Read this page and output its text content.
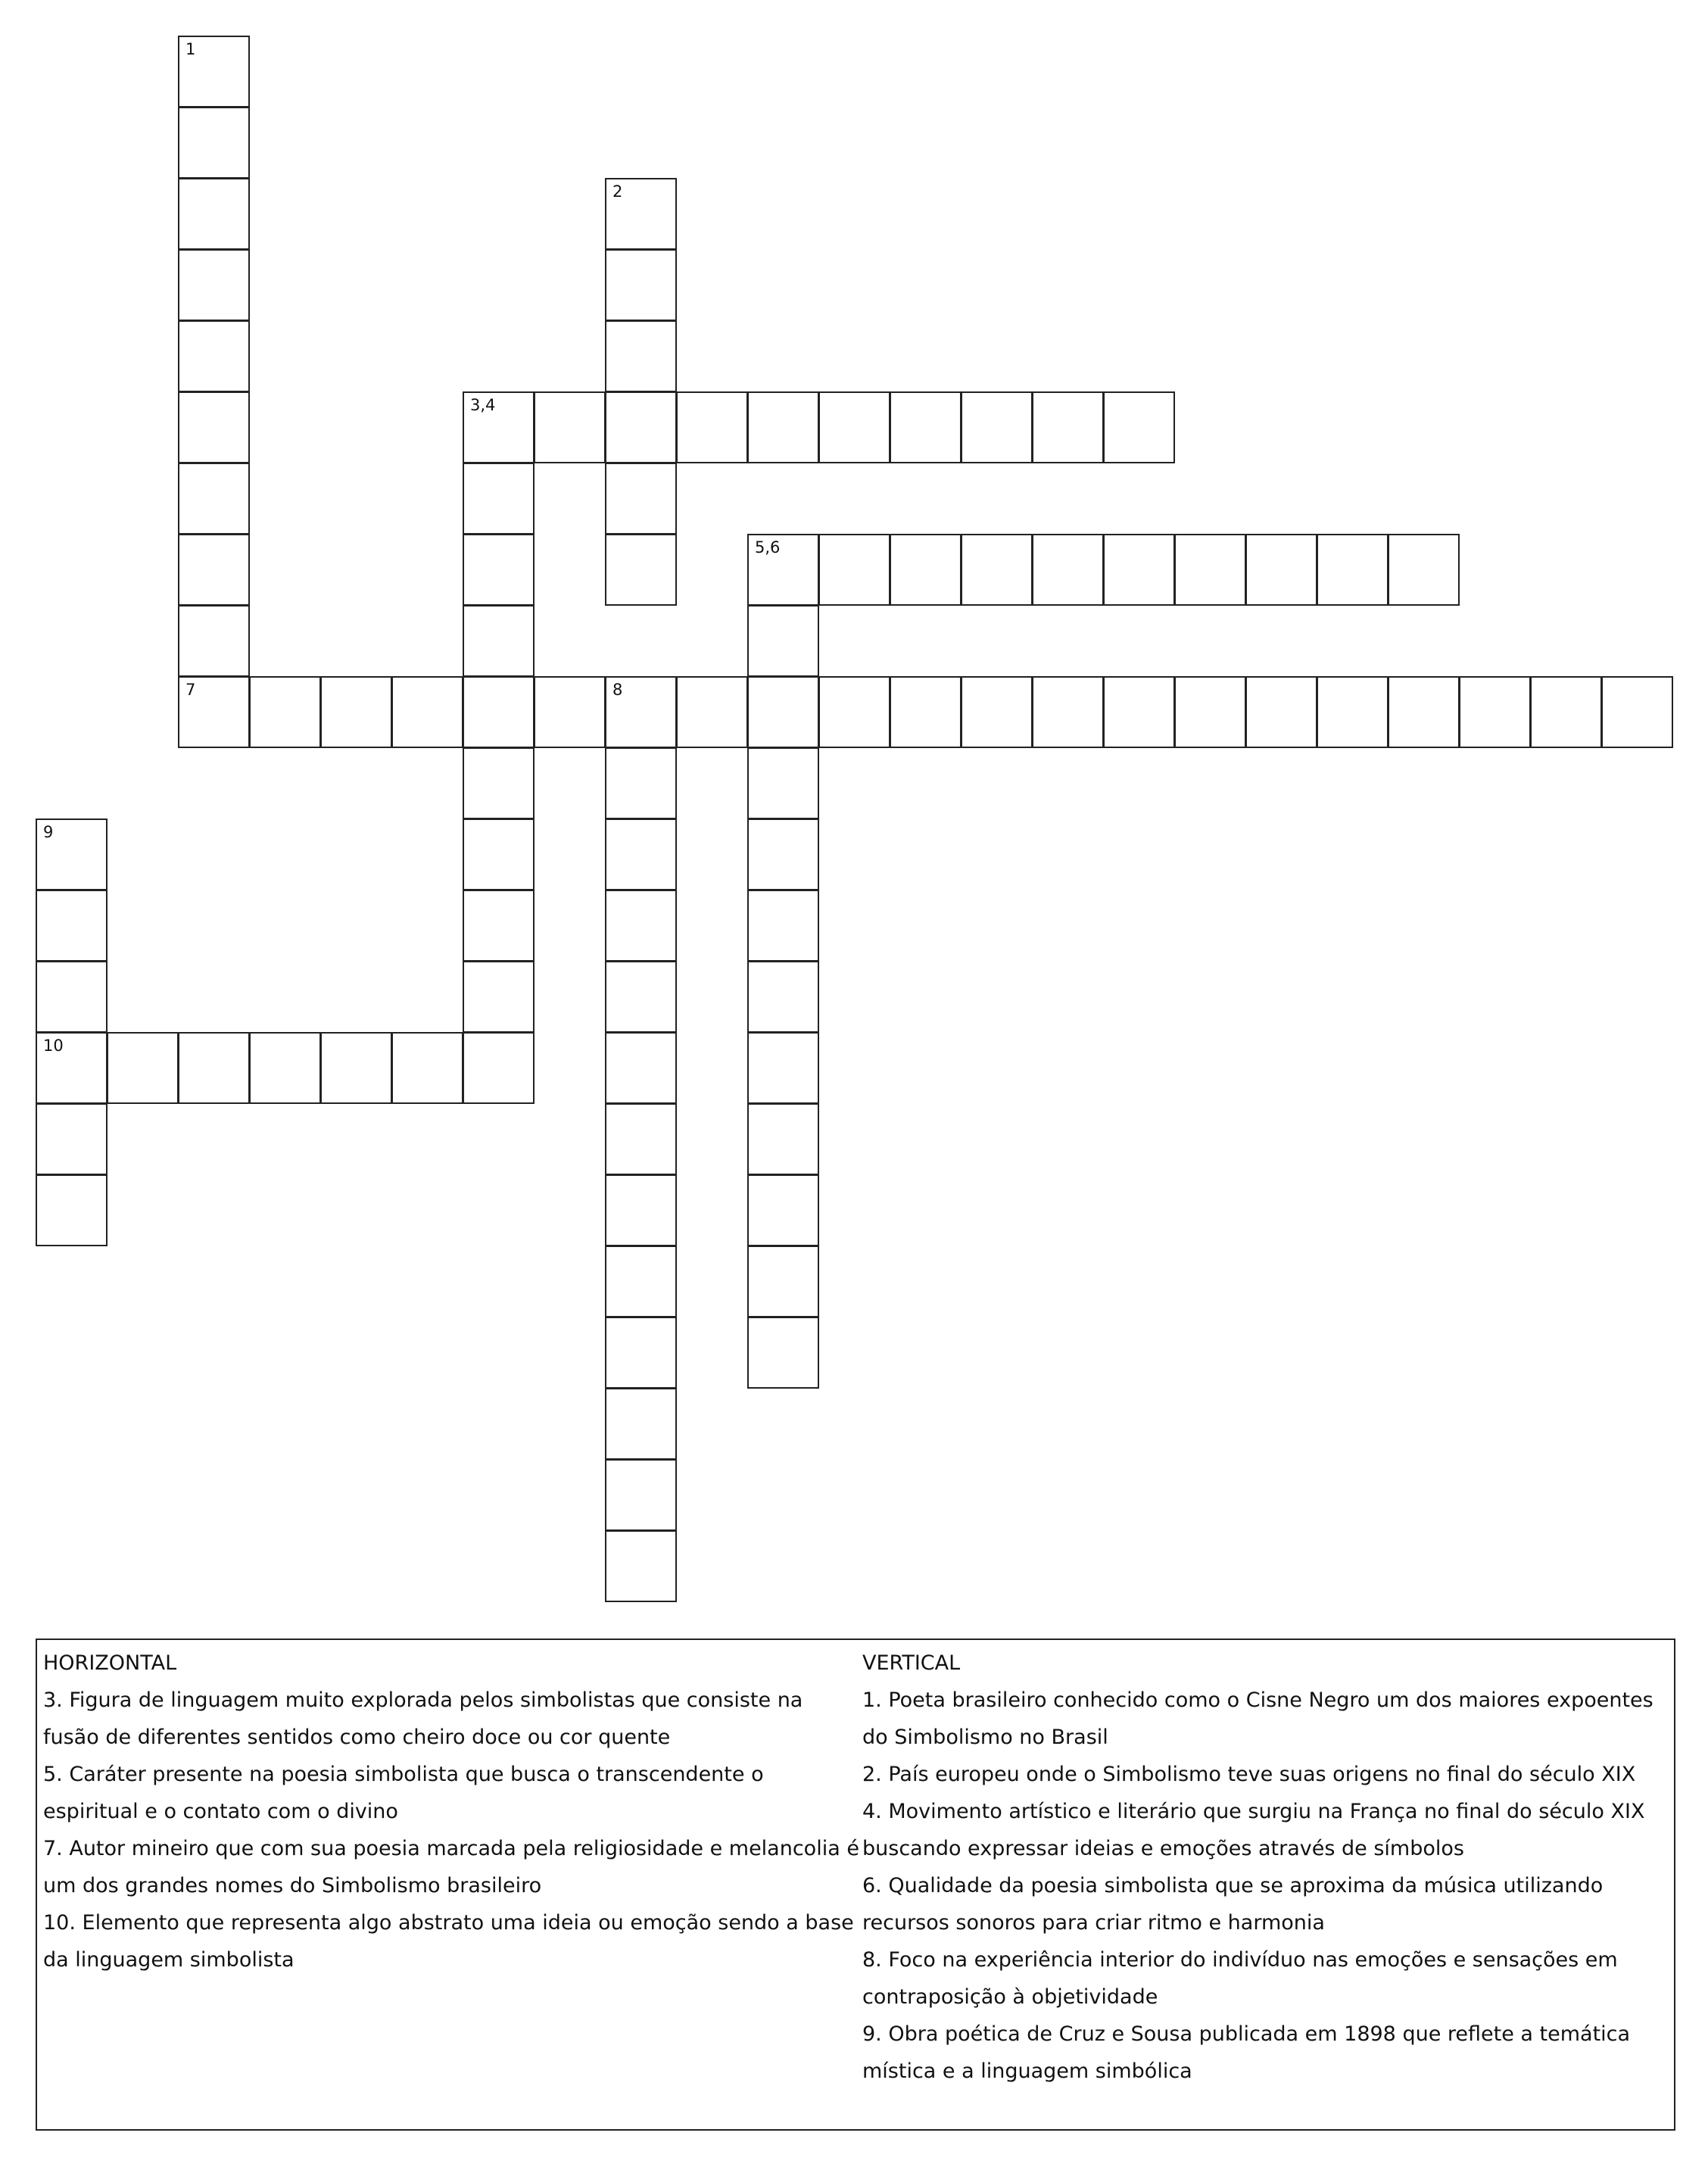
1
2
3,4
5,6
7	8
9
10

HORIZONTAL

3. Figura de linguagem muito explorada pelos simbolistas que consiste na fusão de diferentes sentidos como cheiro doce ou cor quente

5. Caráter presente na poesia simbolista que busca o transcendente o espiritual e o contato com o divino

7. Autor mineiro que com sua poesia marcada pela religiosidade e melancolia é um dos grandes nomes do Simbolismo brasileiro

10. Elemento que representa algo abstrato uma ideia ou emoção sendo a base da linguagem simbolista

VERTICAL

1. Poeta brasileiro conhecido como o Cisne Negro um dos maiores expoentes do Simbolismo no Brasil

2. País europeu onde o Simbolismo teve suas origens no final do século XIX

4. Movimento artístico e literário que surgiu na França no final do século XIX buscando expressar ideias e emoções através de símbolos

6. Qualidade da poesia simbolista que se aproxima da música utilizando recursos sonoros para criar ritmo e harmonia

8. Foco na experiência interior do indivíduo nas emoções e sensações em contraposição à objetividade

9. Obra poética de Cruz e Sousa publicada em 1898 que reflete a temática mística e a linguagem simbólica
